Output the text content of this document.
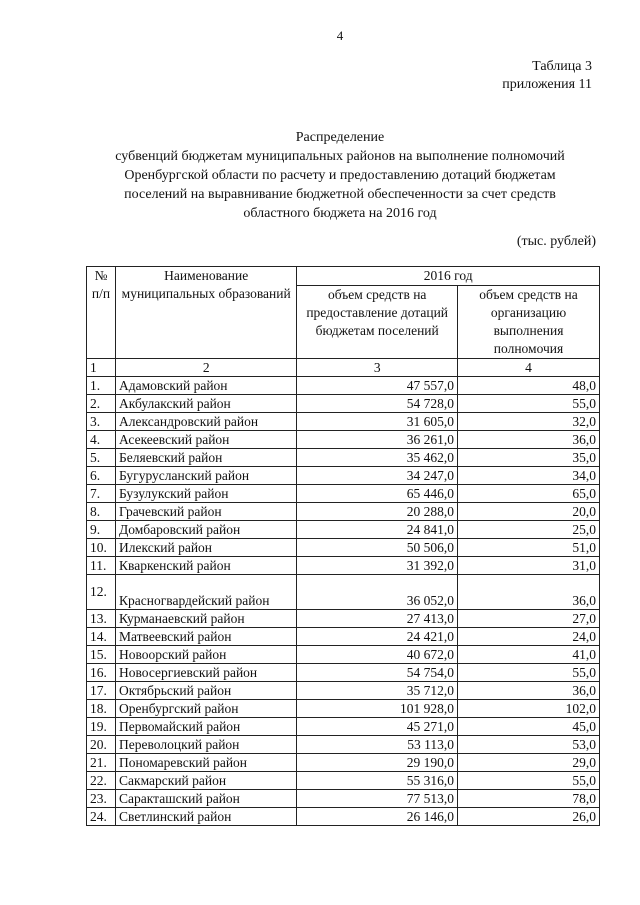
4
Таблица 3
приложения 11
Распределение
субвенций бюджетам муниципальных районов на выполнение полномочий
Оренбургской области по расчету и предоставлению дотаций бюджетам
поселений на выравнивание бюджетной обеспеченности за счет средств
областного бюджета на 2016 год
(тыс. рублей)
№ п/п	Наименование муниципальных образований	2016 год	
		объем средств на предоставление дотаций бюджетам поселений	объем средств на организацию выполнения полномочия
1	2	3	4
1.	Адамовский район	47 557,0	48,0
2.	Акбулакский район	54 728,0	55,0
3.	Александровский район	31 605,0	32,0
4.	Асекеевский район	36 261,0	36,0
5.	Беляевский район	35 462,0	35,0
6.	Бугурусланский район	34 247,0	34,0
7.	Бузулукский район	65 446,0	65,0
8.	Грачевский район	20 288,0	20,0
9.	Домбаровский район	24 841,0	25,0
10.	Илекский район	50 506,0	51,0
11.	Кваркенский район	31 392,0	31,0
12.	Красногвардейский район	36 052,0	36,0
13.	Курманаевский район	27 413,0	27,0
14.	Матвеевский район	24 421,0	24,0
15.	Новоорский район	40 672,0	41,0
16.	Новосергиевский район	54 754,0	55,0
17.	Октябрьский район	35 712,0	36,0
18.	Оренбургский район	101 928,0	102,0
19.	Первомайский район	45 271,0	45,0
20.	Переволоцкий район	53 113,0	53,0
21.	Пономаревский район	29 190,0	29,0
22.	Сакмарский район	55 316,0	55,0
23.	Саракташский район	77 513,0	78,0
24.	Светлинский район	26 146,0	26,0
